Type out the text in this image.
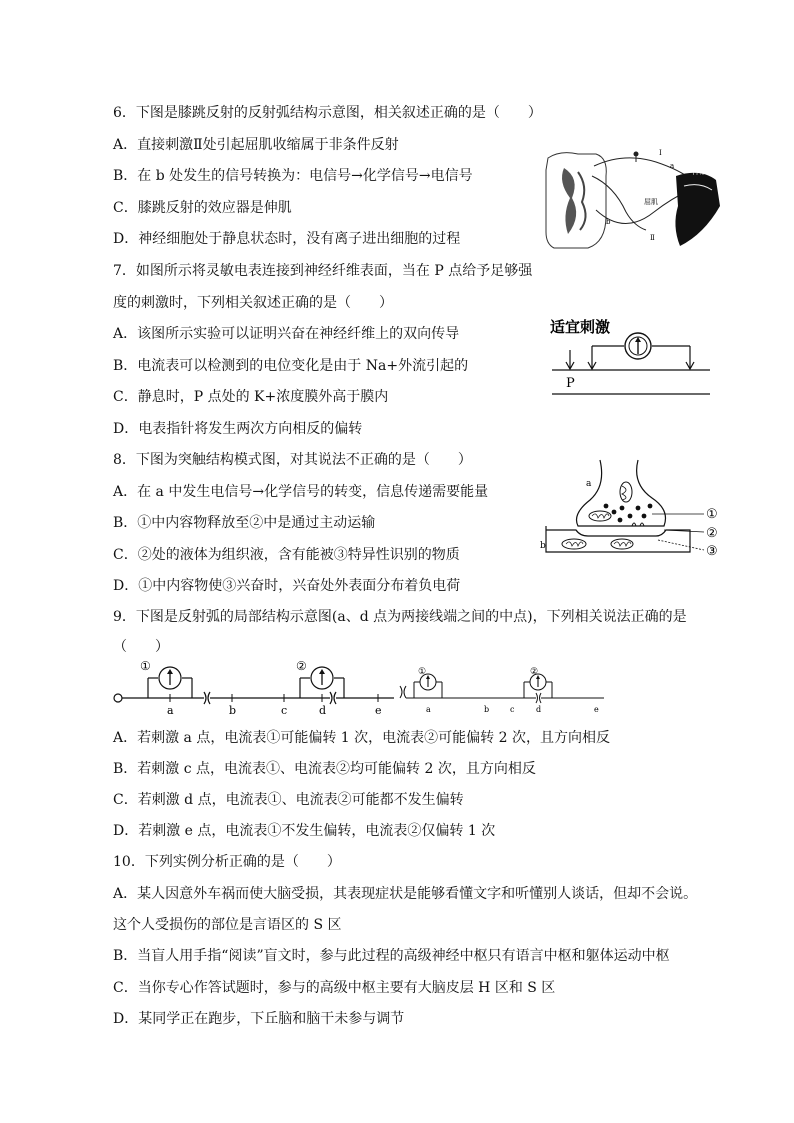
6．下图是膝跳反射的反射弧结构示意图，相关叙述正确的是（　　）
A．直接刺激Ⅱ处引起屈肌收缩属于非条件反射
B．在 b 处发生的信号转换为：电信号→化学信号→电信号
C．膝跳反射的效应器是伸肌
D．神经细胞处于静息状态时，没有离子进出细胞的过程
Ⅰ
a
伸肌
屈肌
b
Ⅱ
7．如图所示将灵敏电表连接到神经纤维表面，当在 P 点给予足够强
度的刺激时，下列相关叙述正确的是（　　）
A．该图所示实验可以证明兴奋在神经纤维上的双向传导
B．电流表可以检测到的电位变化是由于 Na+外流引起的
C．静息时，P 点处的 K+浓度膜外高于膜内
D．电表指针将发生两次方向相反的偏转
适宜刺激
P
8．下图为突触结构模式图，对其说法不正确的是（　　）
A．在 a 中发生电信号→化学信号的转变，信息传递需要能量
B．①中内容物释放至②中是通过主动运输
C．②处的液体为组织液，含有能被③特异性识别的物质
D．①中内容物使③兴奋时，兴奋处外表面分布着负电荷
a
b
①
②
③
9．下图是反射弧的局部结构示意图(a、d 点为两接线端之间的中点)，下列相关说法正确的是
（　　）
①	②
a	b	c	d	e
①	②
a	b	c	d	e
A．若刺激 a 点，电流表①可能偏转 1 次，电流表②可能偏转 2 次，且方向相反
B．若刺激 c 点，电流表①、电流表②均可能偏转 2 次，且方向相反
C．若刺激 d 点，电流表①、电流表②可能都不发生偏转
D．若刺激 e 点，电流表①不发生偏转，电流表②仅偏转 1 次
10．下列实例分析正确的是（　　）
A．某人因意外车祸而使大脑受损，其表现症状是能够看懂文字和听懂别人谈话，但却不会说。
这个人受损伤的部位是言语区的 S 区
B．当盲人用手指“阅读”盲文时，参与此过程的高级神经中枢只有语言中枢和躯体运动中枢
C．当你专心作答试题时，参与的高级中枢主要有大脑皮层 H 区和 S 区
D．某同学正在跑步，下丘脑和脑干未参与调节
